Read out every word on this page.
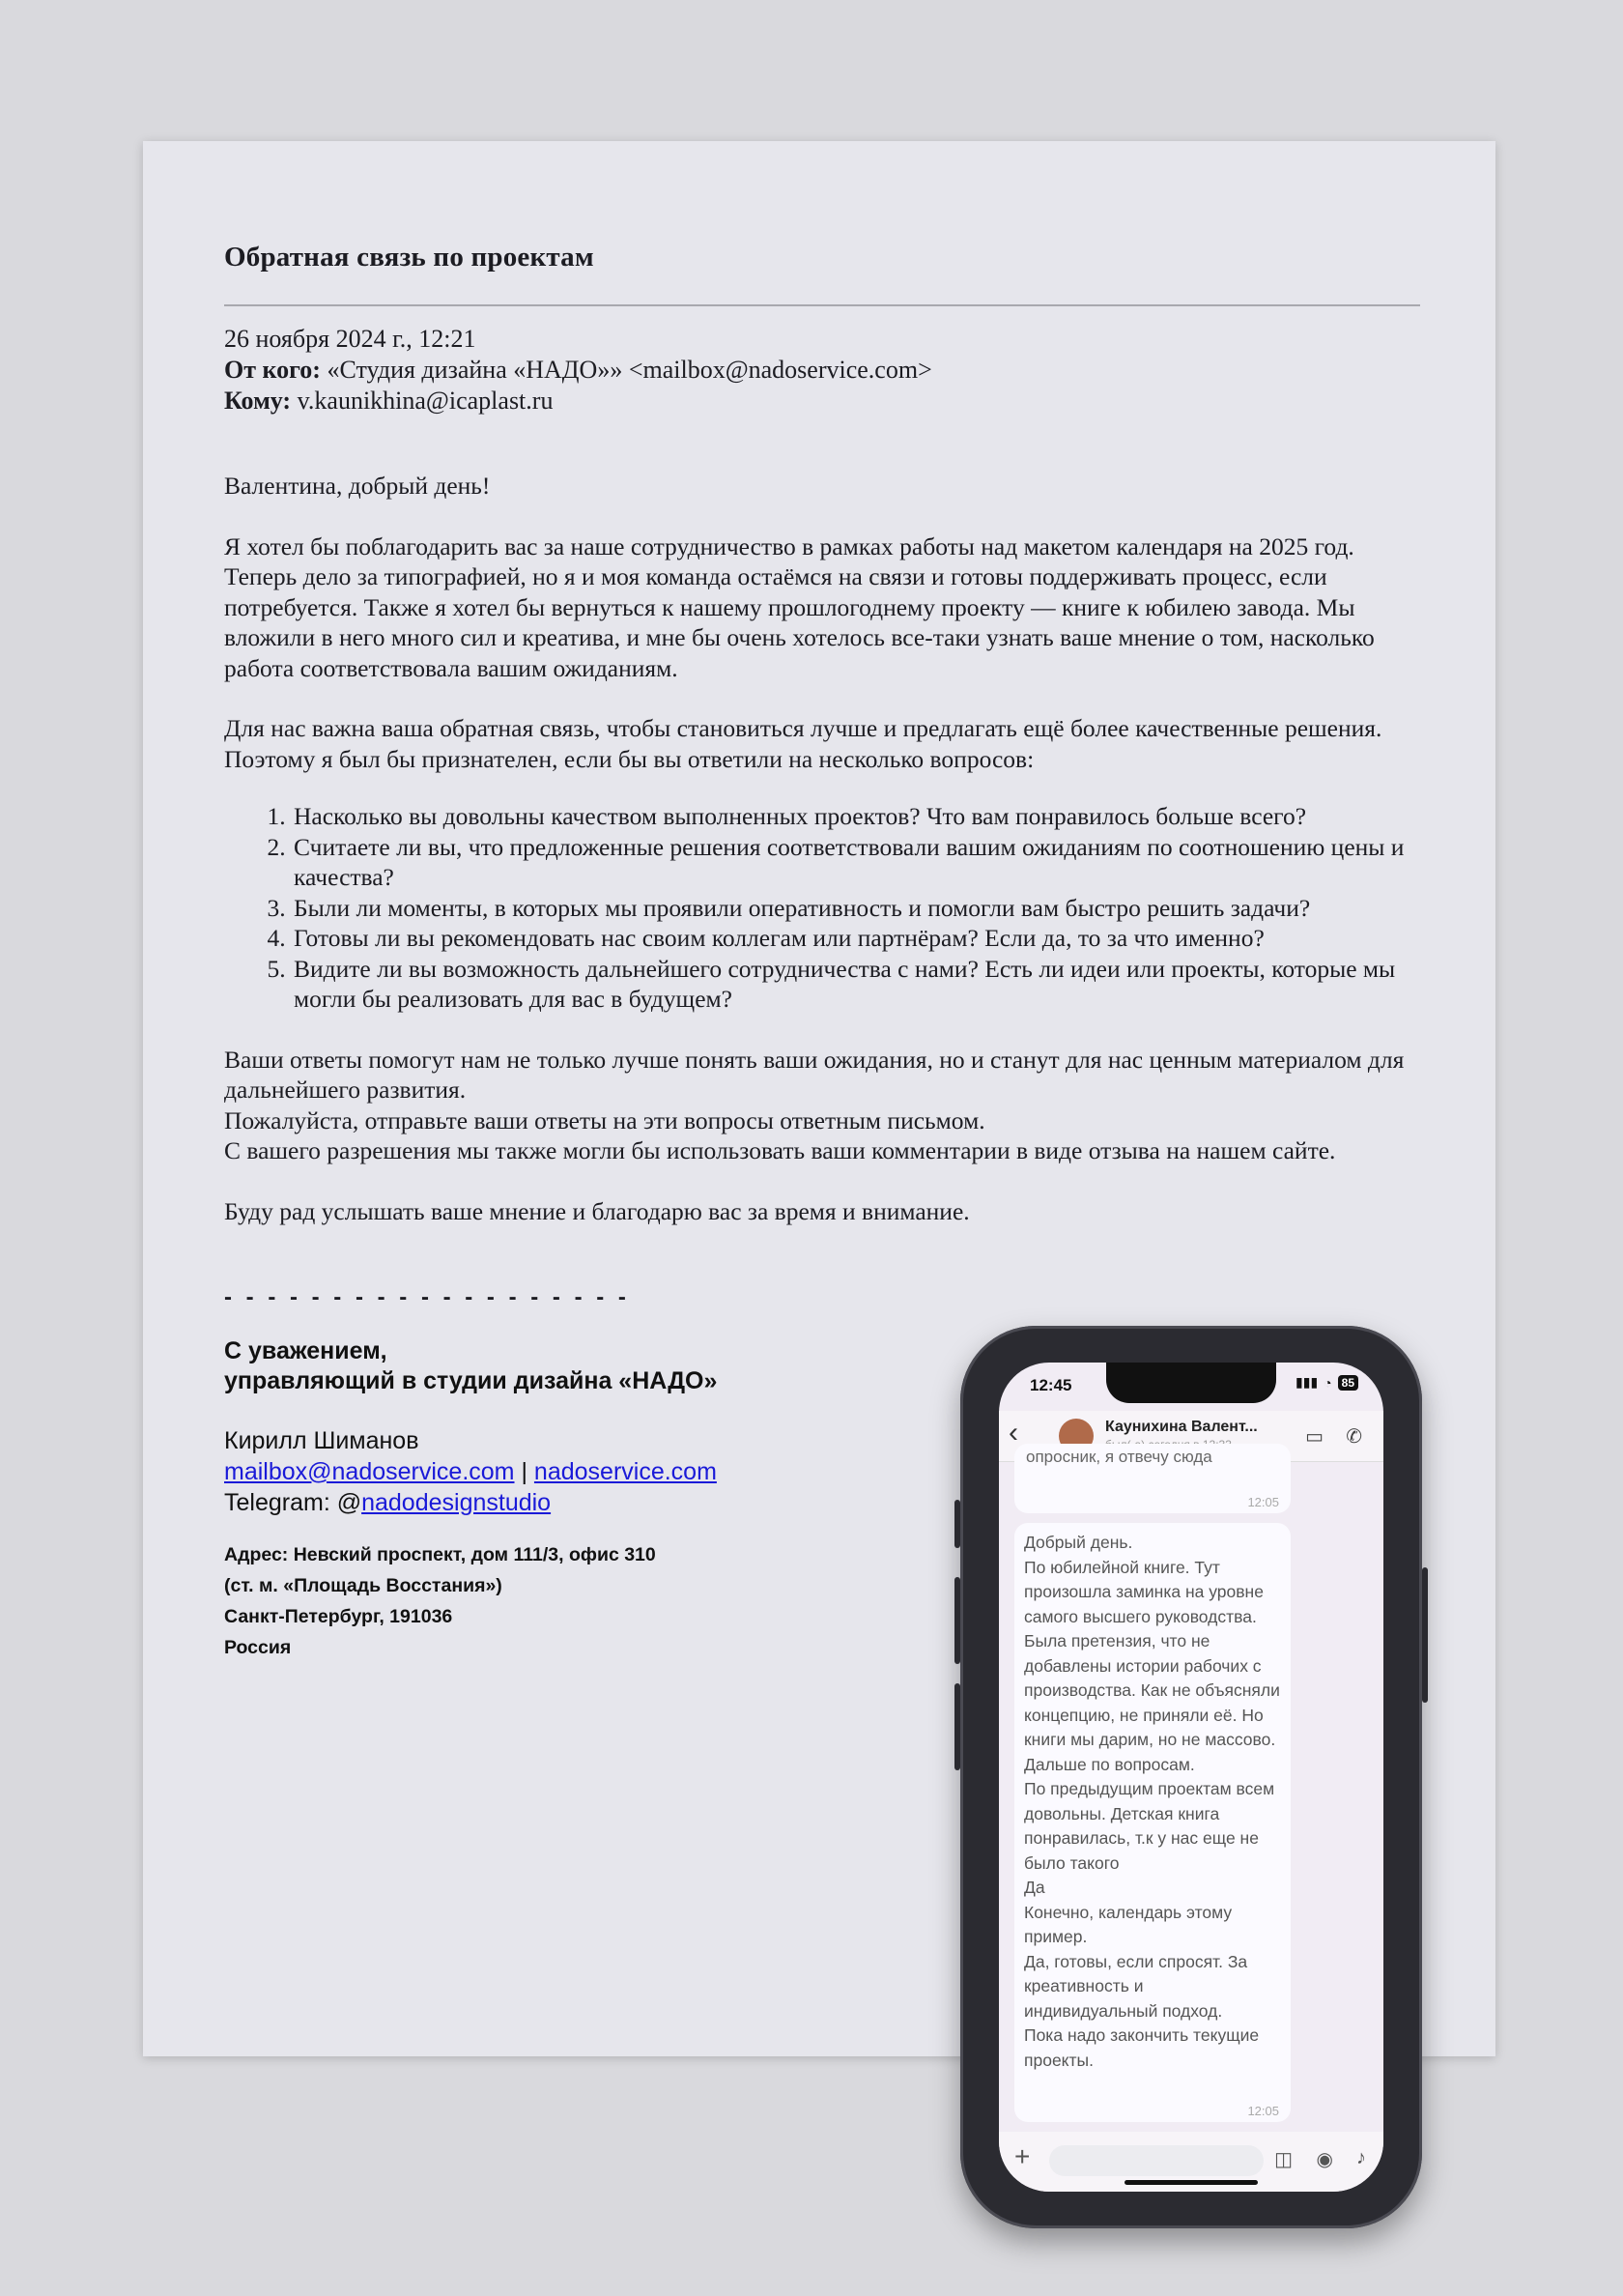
Обратная связь по проектам
26 ноября 2024 г., 12:21
От кого: «Студия дизайна «НАДО»» <mailbox@nadoservice.com>
Кому: v.kaunikhina@icaplast.ru
Валентина, добрый день!
Я хотел бы поблагодарить вас за наше сотрудничество в рамках работы над макетом календаря на 2025 год. Теперь дело за типографией, но я и моя команда остаёмся на связи и готовы поддерживать процесс, если потребуется. Также я хотел бы вернуться к нашему прошлогоднему проекту — книге к юбилею завода. Мы вложили в него много сил и креатива, и мне бы очень хотелось все-таки узнать ваше мнение о том, насколько работа соответствовала вашим ожиданиям.
Для нас важна ваша обратная связь, чтобы становиться лучше и предлагать ещё более качественные решения. Поэтому я был бы признателен, если бы вы ответили на несколько вопросов:
1. Насколько вы довольны качеством выполненных проектов? Что вам понравилось больше всего?
2. Считаете ли вы, что предложенные решения соответствовали вашим ожиданиям по соотношению цены и качества?
3. Были ли моменты, в которых мы проявили оперативность и помогли вам быстро решить задачи?
4. Готовы ли вы рекомендовать нас своим коллегам или партнёрам? Если да, то за что именно?
5. Видите ли вы возможность дальнейшего сотрудничества с нами? Есть ли идеи или проекты, которые мы могли бы реализовать для вас в будущем?
Ваши ответы помогут нам не только лучше понять ваши ожидания, но и станут для нас ценным материалом для дальнейшего развития.
Пожалуйста, отправьте ваши ответы на эти вопросы ответным письмом.
С вашего разрешения мы также могли бы использовать ваши комментарии в виде отзыва на нашем сайте.
Буду рад услышать ваше мнение и благодарю вас за время и внимание.
- - - - - - - - - - - - - - - - - - -
С уважением,
управляющий в студии дизайна «НАДО»
Кирилл Шиманов
mailbox@nadoservice.com | nadoservice.com
Telegram: @nadodesignstudio
Адрес: Невский проспект, дом 111/3, офис 310
(ст. м. «Площадь Восстания»)
Санкт-Петербург, 191036
Россия
12:45	▮▮▮ ◔ 85
‹	Каунихина Валент... ▭ ✆
опросник, я отвечу сюда
12:05
Добрый день.
По юбилейной книге. Тут произошла заминка на уровне самого высшего руководства. Была претензия, что не добавлены истории рабочих с производства. Как не объясняли концепцию, не приняли её. Но книги мы дарим, но не массово.
Дальше по вопросам.
По предыдущим проектам всем довольны. Детская книга понравилась, т.к у нас еще не было такого
Да
Конечно, календарь этому пример.
Да, готовы, если спросят. За креативность и индивидуальный подход.
Пока надо закончить текущие проекты.
12:05
+	◫ ◉ ♪
